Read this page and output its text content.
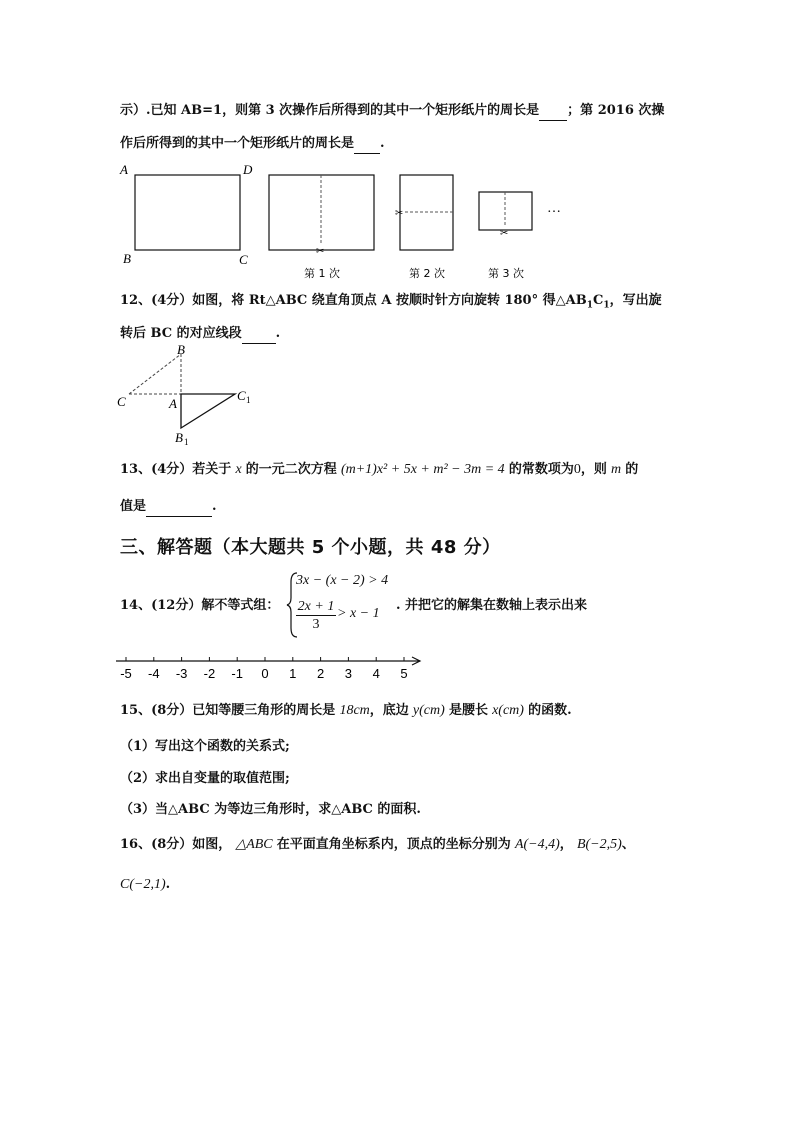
示）.已知 AB=1，则第 3 次操作后所得到的其中一个矩形纸片的周长是 ；第 2016 次操
作后所得到的其中一个矩形纸片的周长是 .
A	D
B	C
✂
✂
✂
…
第 1 次	第 2 次	第 3 次
12、(4分）如图，将 Rt△ABC 绕直角顶点 A 按顺时针方向旋转 180° 得$\triangle AB_1C_1$，写出旋
转后 BC 的对应线段	.
B
C	A
C 1
B 1
13、(4分）若关于 x 的一元二次方程 (m+1)x² + 5x + m² − 3m = 4 的常数项为0，则 m 的
值是	.
三、解答题（本大题共 5 个小题，共 48 分）
14、(12分）解不等式组：
3x − (x − 2) > 4
$\frac{2x + 1}{3} > x - 1$
. 并把它的解集在数轴上表示出来
-5 -4 -3 -2 -1 0 1 2 3 4 5
15、(8分）已知等腰三角形的周长是 18cm，底边 y(cm) 是腰长 x(cm) 的函数.
（1）写出这个函数的关系式;
（2）求出自变量的取值范围;
（3）当△ABC 为等边三角形时，求△ABC 的面积.
16、(8分）如图， △ABC 在平面直角坐标系内，顶点的坐标分别为 A(−4,4)， B(−2,5)、
C(−2,1).
